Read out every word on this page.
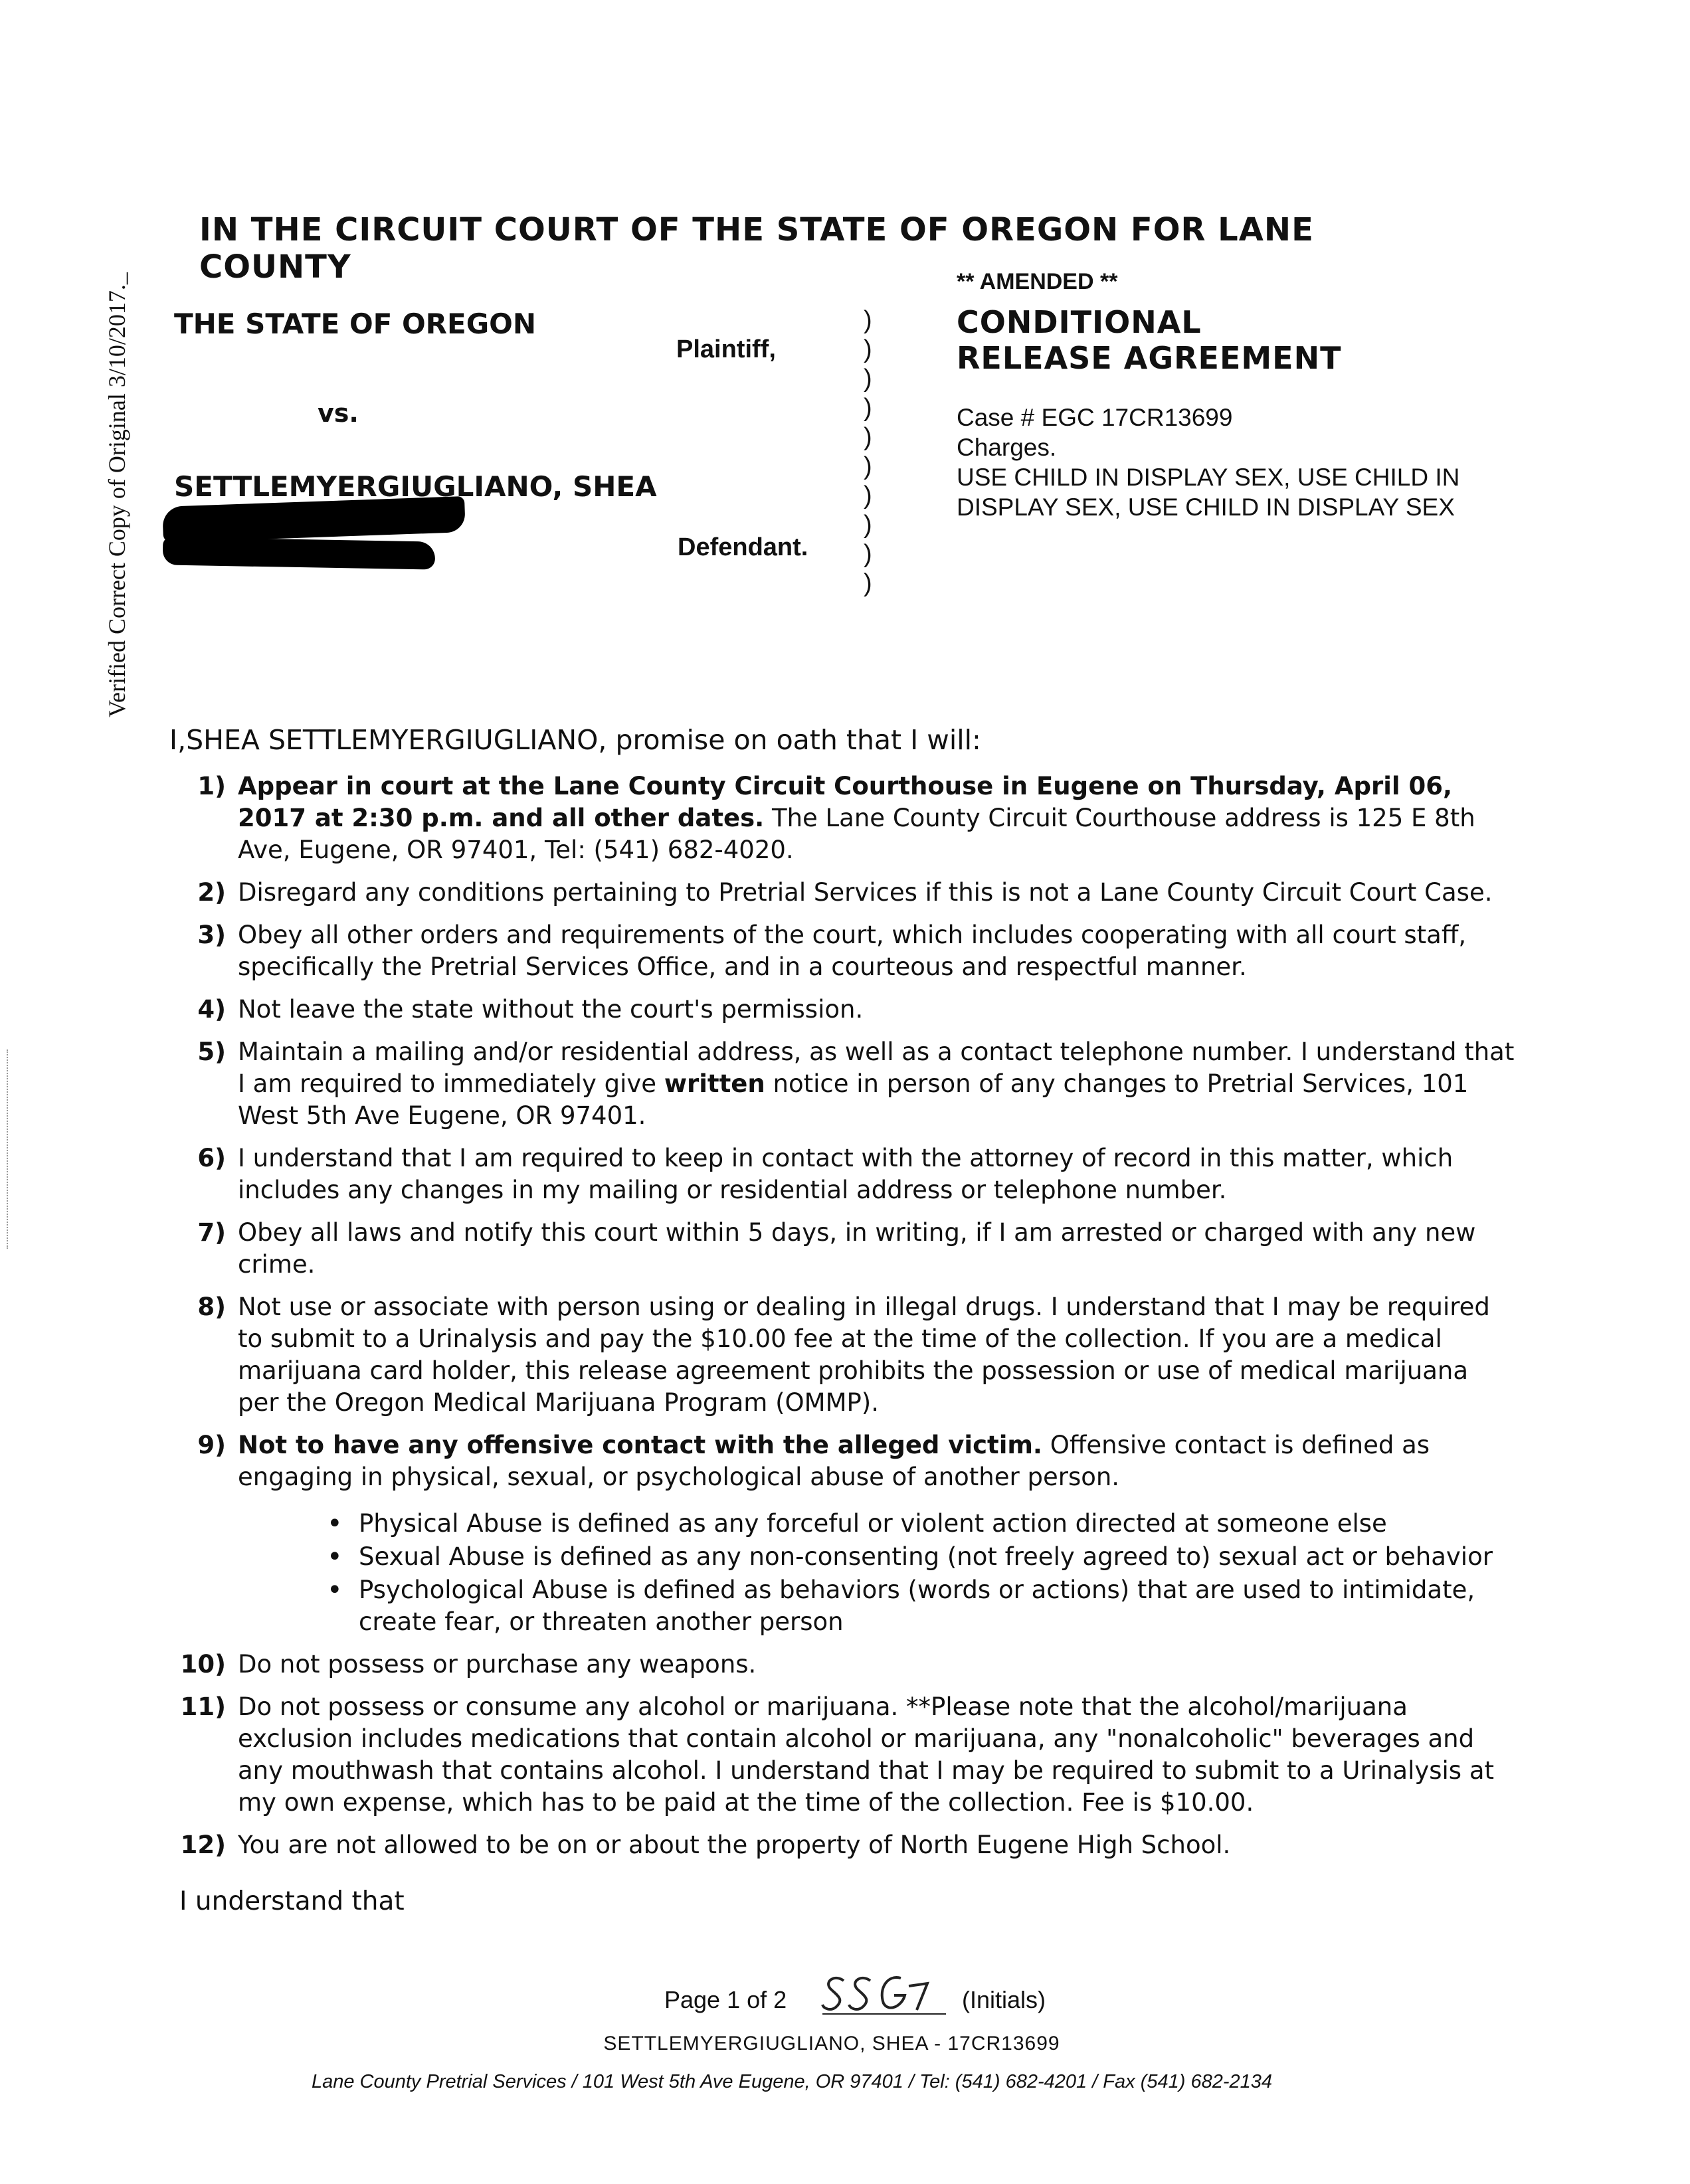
Verified Correct Copy of Original 3/10/2017._
IN THE CIRCUIT COURT OF THE STATE OF OREGON FOR LANE COUNTY
THE STATE OF OREGON
Plaintiff,
vs.
SETTLEMYERGIUGLIANO, SHEA
Defendant.
)
)
)
)
)
)
)
)
)
)
** AMENDED **
CONDITIONAL
RELEASE AGREEMENT
Case # EGC 17CR13699
Charges.
USE CHILD IN DISPLAY SEX, USE CHILD IN DISPLAY SEX, USE CHILD IN DISPLAY SEX
I,SHEA SETTLEMYERGIUGLIANO, promise on oath that I will:
1) Appear in court at the Lane County Circuit Courthouse in Eugene on Thursday, April 06, 2017 at 2:30 p.m. and all other dates. The Lane County Circuit Courthouse address is 125 E 8th Ave, Eugene, OR 97401, Tel: (541) 682-4020.
2) Disregard any conditions pertaining to Pretrial Services if this is not a Lane County Circuit Court Case.
3) Obey all other orders and requirements of the court, which includes cooperating with all court staff, specifically the Pretrial Services Office, and in a courteous and respectful manner.
4) Not leave the state without the court's permission.
5) Maintain a mailing and/or residential address, as well as a contact telephone number. I understand that I am required to immediately give written notice in person of any changes to Pretrial Services, 101 West 5th Ave Eugene, OR 97401.
6) I understand that I am required to keep in contact with the attorney of record in this matter, which includes any changes in my mailing or residential address or telephone number.
7) Obey all laws and notify this court within 5 days, in writing, if I am arrested or charged with any new crime.
8) Not use or associate with person using or dealing in illegal drugs. I understand that I may be required to submit to a Urinalysis and pay the $10.00 fee at the time of the collection. If you are a medical marijuana card holder, this release agreement prohibits the possession or use of medical marijuana per the Oregon Medical Marijuana Program (OMMP).
9) Not to have any offensive contact with the alleged victim. Offensive contact is defined as engaging in physical, sexual, or psychological abuse of another person.
• Physical Abuse is defined as any forceful or violent action directed at someone else
• Sexual Abuse is defined as any non-consenting (not freely agreed to) sexual act or behavior
• Psychological Abuse is defined as behaviors (words or actions) that are used to intimidate, create fear, or threaten another person
10) Do not possess or purchase any weapons.
11) Do not possess or consume any alcohol or marijuana. **Please note that the alcohol/marijuana exclusion includes medications that contain alcohol or marijuana, any "nonalcoholic" beverages and any mouthwash that contains alcohol. I understand that I may be required to submit to a Urinalysis at my own expense, which has to be paid at the time of the collection. Fee is $10.00.
12) You are not allowed to be on or about the property of North Eugene High School.
I understand that
Page 1 of 2	(Initials)
SETTLEMYERGIUGLIANO, SHEA - 17CR13699
Lane County Pretrial Services / 101 West 5th Ave Eugene, OR 97401 / Tel: (541) 682-4201 / Fax (541) 682-2134
